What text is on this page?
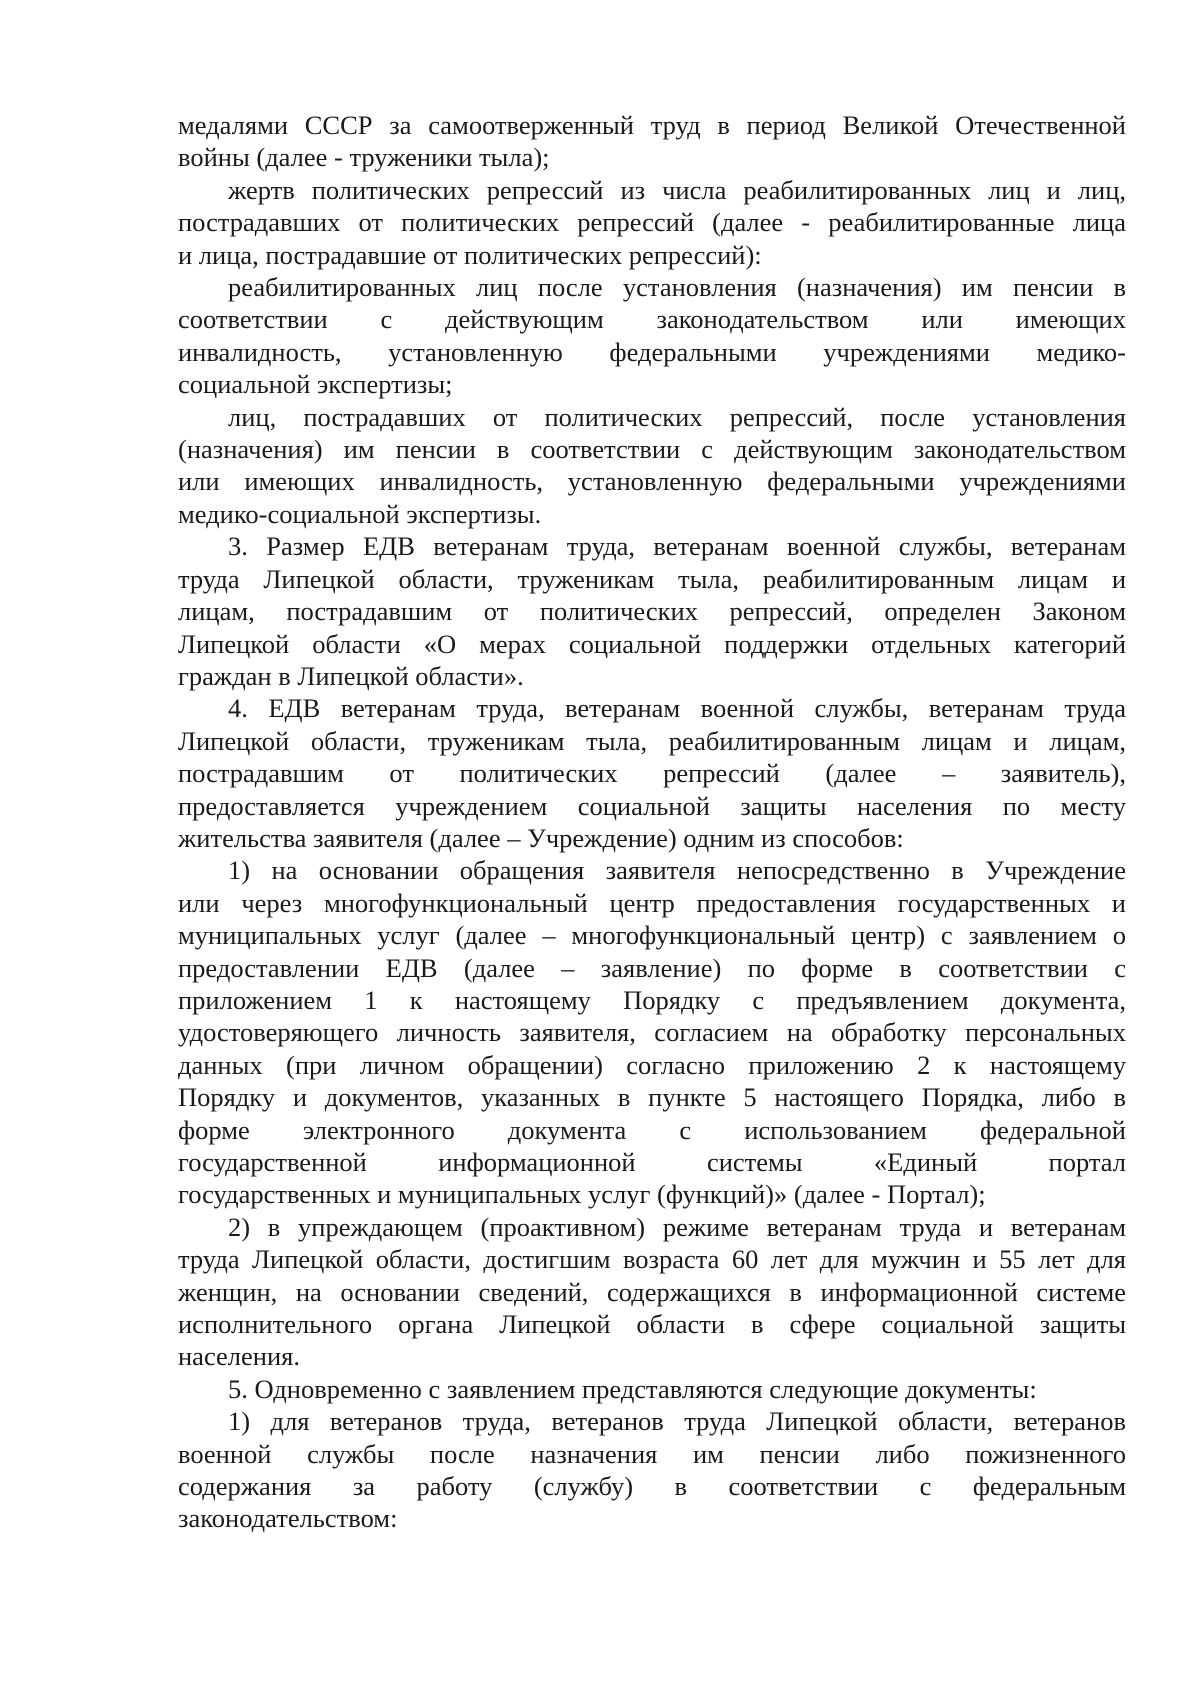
медалями СССР за самоотверженный труд в период Великой Отечественной
войны (далее - труженики тыла);
жертв политических репрессий из числа реабилитированных лиц и лиц,
пострадавших от политических репрессий (далее - реабилитированные лица
и лица, пострадавшие от политических репрессий):
реабилитированных лиц после установления (назначения) им пенсии в
соответствии с действующим законодательством или имеющих
инвалидность, установленную федеральными учреждениями медико-
социальной экспертизы;
лиц, пострадавших от политических репрессий, после установления
(назначения) им пенсии в соответствии с действующим законодательством
или имеющих инвалидность, установленную федеральными учреждениями
медико-социальной экспертизы.
3. Размер ЕДВ ветеранам труда, ветеранам военной службы, ветеранам
труда Липецкой области, труженикам тыла, реабилитированным лицам и
лицам, пострадавшим от политических репрессий, определен Законом
Липецкой области «О мерах социальной поддержки отдельных категорий
граждан в Липецкой области».
4. ЕДВ ветеранам труда, ветеранам военной службы, ветеранам труда
Липецкой области, труженикам тыла, реабилитированным лицам и лицам,
пострадавшим от политических репрессий (далее – заявитель),
предоставляется учреждением социальной защиты населения по месту
жительства заявителя (далее – Учреждение) одним из способов:
1) на основании обращения заявителя непосредственно в Учреждение
или через многофункциональный центр предоставления государственных и
муниципальных услуг (далее – многофункциональный центр) с заявлением о
предоставлении ЕДВ (далее – заявление) по форме в соответствии с
приложением 1 к настоящему Порядку с предъявлением документа,
удостоверяющего личность заявителя, согласием на обработку персональных
данных (при личном обращении) согласно приложению 2 к настоящему
Порядку и документов, указанных в пункте 5 настоящего Порядка, либо в
форме электронного документа с использованием федеральной
государственной информационной системы «Единый портал
государственных и муниципальных услуг (функций)» (далее - Портал);
2) в упреждающем (проактивном) режиме ветеранам труда и ветеранам
труда Липецкой области, достигшим возраста 60 лет для мужчин и 55 лет для
женщин, на основании сведений, содержащихся в информационной системе
исполнительного органа Липецкой области в сфере социальной защиты
населения.
5. Одновременно с заявлением представляются следующие документы:
1) для ветеранов труда, ветеранов труда Липецкой области, ветеранов
военной службы после назначения им пенсии либо пожизненного
содержания за работу (службу) в соответствии с федеральным
законодательством:
